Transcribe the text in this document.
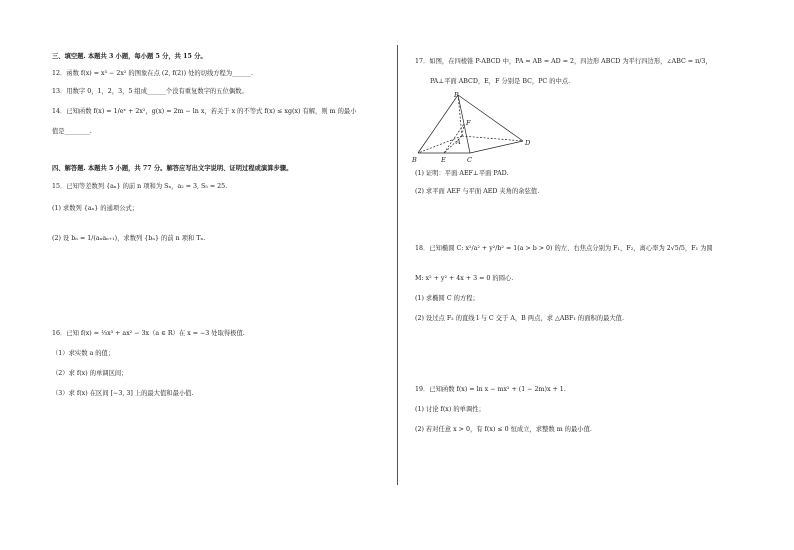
三、填空题. 本题共 3 小题，每小题 5 分，共 15 分。
12．函数 f(x) = x³ − 2x² 的图象在点 (2, f(2)) 处的切线方程为______.
13．用数字 0，1，2，3，5 组成______个没有重复数字的五位偶数。
14．已知函数 f(x) = 1/eˣ + 2x²，g(x) = 2m − ln x，若关于 x 的不等式 f(x) ≤ xg(x) 有解，则 m 的最小
值是________.
四、解答题. 本题共 5 小题，共 77 分。解答应写出文字说明、证明过程或演算步骤。
15．已知等差数列 {aₙ} 的前 n 项和为 Sₙ，a₂ = 3, S₅ = 25.
(1) 求数列 {aₙ} 的通项公式；
(2) 设 bₙ = 1/(aₙaₙ₊₁)，求数列 {bₙ} 的前 n 项和 Tₙ.
16．已知 f(x) = ⅓x³ + ax² − 3x（a ∈ R）在 x = −3 处取得极值.
（1）求实数 a 的值；
（2）求 f(x) 的单调区间；
（3）求 f(x) 在区间 [−3, 3] 上的最大值和最小值.
17．如图，在四棱锥 P-ABCD 中，PA = AB = AD = 2，四边形 ABCD 为平行四边形，∠ABC = π/3，
PA⊥平面 ABCD，E，F 分别是 BC，PC 的中点.
P
F
A
B	E	C
D
(1) 证明：平面 AEF⊥平面 PAD.
(2) 求平面 AEF 与平面 AED 夹角的余弦值.
18．已知椭圆 C: x²/a² + y²/b² = 1(a > b > 0) 的左、右焦点分别为 F₁，F₂，离心率为 2√5/5，F₁ 为圆
M: x² + y² + 4x + 3 = 0 的圆心.
(1) 求椭圆 C 的方程；
(2) 设过点 F₂ 的直线 l 与 C 交于 A，B 两点，求 △ABF₁ 的面积的最大值.
19．已知函数 f(x) = ln x − mx² + (1 − 2m)x + 1.
(1) 讨论 f(x) 的单调性；
(2) 若对任意 x > 0，有 f(x) ≤ 0 恒成立，求整数 m 的最小值.
